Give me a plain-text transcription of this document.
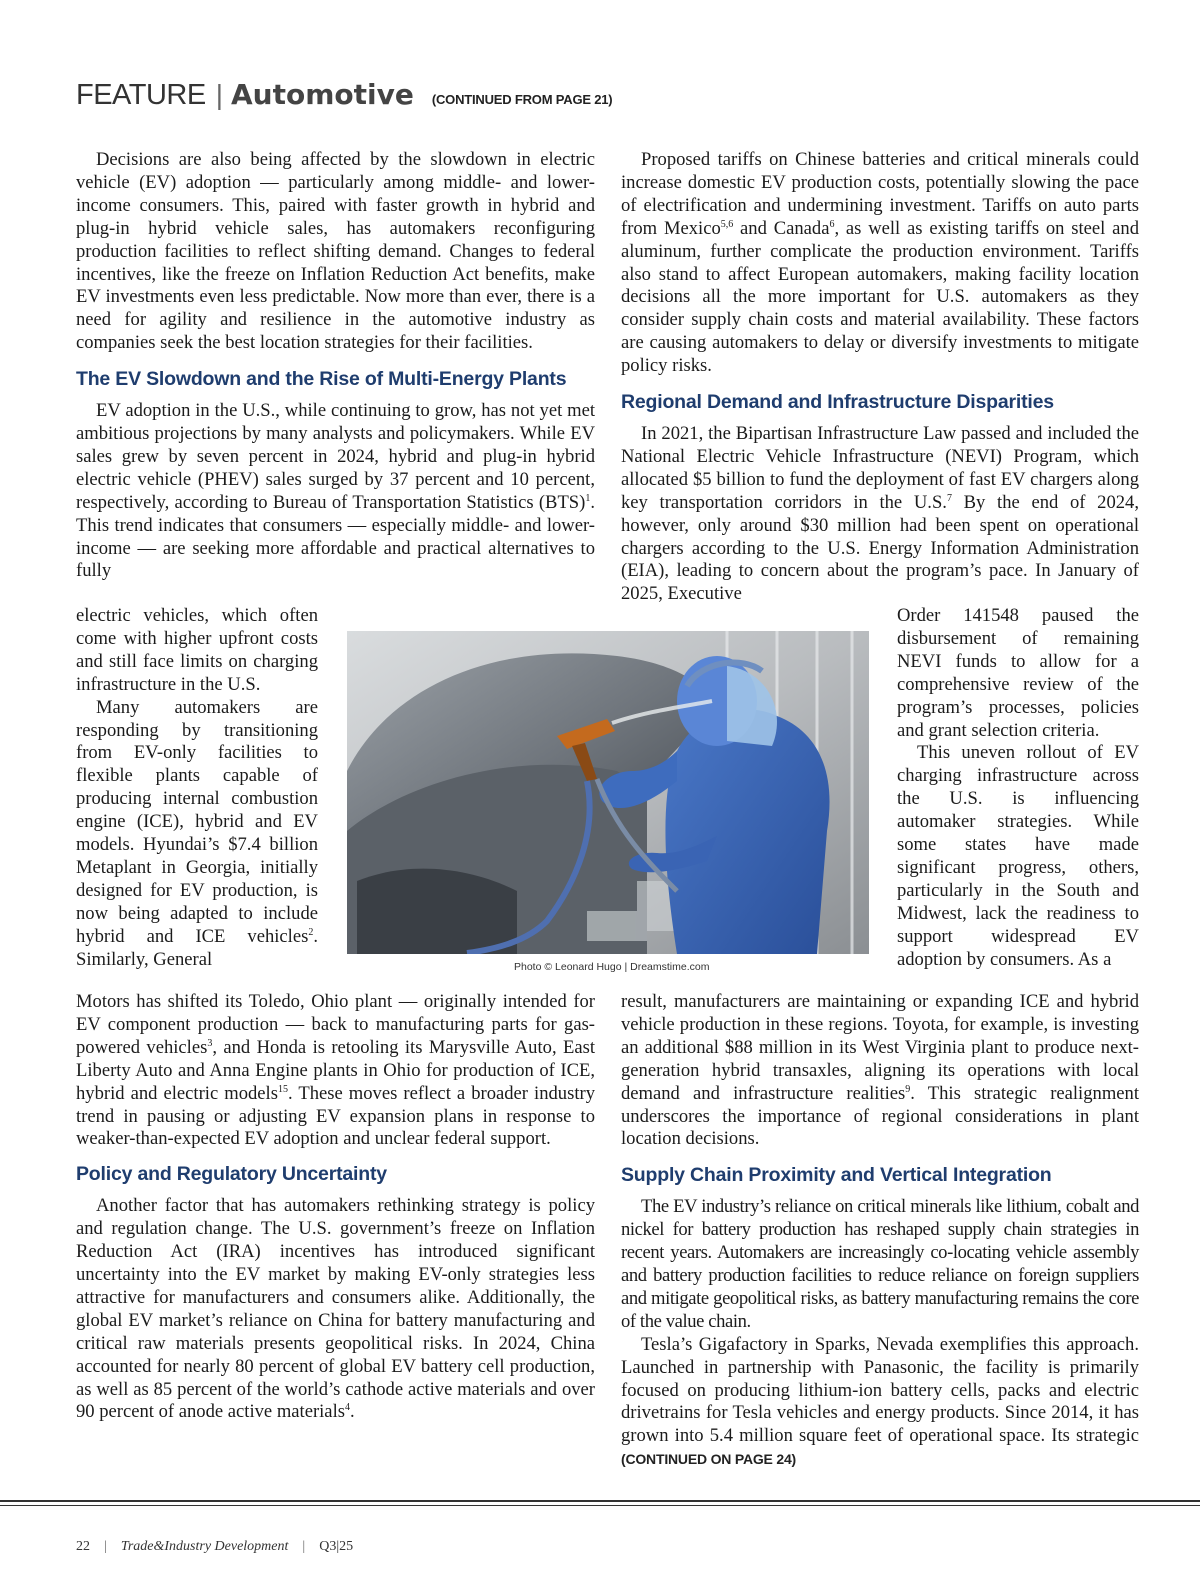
FEATURE | Automotive (CONTINUED FROM PAGE 21)

Decisions are also being affected by the slowdown in electric vehicle (EV) adoption — particularly among middle- and lower-income consumers. This, paired with faster growth in hybrid and plug-in hybrid vehicle sales, has automakers reconfiguring production facilities to reflect shifting demand. Changes to federal incentives, like the freeze on Inflation Reduction Act benefits, make EV investments even less predictable. Now more than ever, there is a need for agility and resilience in the automotive industry as companies seek the best location strategies for their facilities.

The EV Slowdown and the Rise of Multi-Energy Plants

EV adoption in the U.S., while continuing to grow, has not yet met ambitious projections by many analysts and policymakers. While EV sales grew by seven percent in 2024, hybrid and plug-in hybrid electric vehicle (PHEV) sales surged by 37 percent and 10 percent, respectively, according to Bureau of Transportation Statistics (BTS)$^1$. This trend indicates that consumers — especially middle- and lower-income — are seeking more affordable and practical alternatives to fully

electric vehicles, which often come with higher upfront costs and still face limits on charging infrastructure in the U.S.

Many automakers are responding by transitioning from EV-only facilities to flexible plants capable of producing internal combustion engine (ICE), hybrid and EV models. Hyundai’s $7.4 billion Metaplant in Georgia, initially designed for EV production, is now being adapted to include hybrid and ICE vehicles$^2$. Similarly, General

Motors has shifted its Toledo, Ohio plant — originally intended for EV component production — back to manufacturing parts for gas-powered vehicles$^3$, and Honda is retooling its Marysville Auto, East Liberty Auto and Anna Engine plants in Ohio for production of ICE, hybrid and electric models$^{15}$. These moves reflect a broader industry trend in pausing or adjusting EV expansion plans in response to weaker-than-expected EV adoption and unclear federal support.

Policy and Regulatory Uncertainty

Another factor that has automakers rethinking strategy is policy and regulation change. The U.S. government’s freeze on Inflation Reduction Act (IRA) incentives has introduced significant uncertainty into the EV market by making EV-only strategies less attractive for manufacturers and consumers alike. Additionally, the global EV market’s reliance on China for battery manufacturing and critical raw materials presents geopolitical risks. In 2024, China accounted for nearly 80 percent of global EV battery cell production, as well as 85 percent of the world’s cathode active materials and over 90 percent of anode active materials$^4$.

Proposed tariffs on Chinese batteries and critical minerals could increase domestic EV production costs, potentially slowing the pace of electrification and undermining investment. Tariffs on auto parts from Mexico$^{5,6}$ and Canada$^6$, as well as existing tariffs on steel and aluminum, further complicate the production environment. Tariffs also stand to affect European automakers, making facility location decisions all the more important for U.S. automakers as they consider supply chain costs and material availability. These factors are causing automakers to delay or diversify investments to mitigate policy risks.

Regional Demand and Infrastructure Disparities

In 2021, the Bipartisan Infrastructure Law passed and included the National Electric Vehicle Infrastructure (NEVI) Program, which allocated $5 billion to fund the deployment of fast EV chargers along key transportation corridors in the U.S.$^7$ By the end of 2024, however, only around $30 million had been spent on operational chargers according to the U.S. Energy Information Administration (EIA), leading to concern about the program’s pace. In January of 2025, Executive

Order 141548 paused the disbursement of remaining NEVI funds to allow for a comprehensive review of the program’s processes, policies and grant selection criteria.

This uneven rollout of EV charging infrastructure across the U.S. is influencing automaker strategies. While some states have made significant progress, others, particularly in the South and Midwest, lack the readiness to support widespread EV adoption by consumers. As a

result, manufacturers are maintaining or expanding ICE and hybrid vehicle production in these regions. Toyota, for example, is investing an additional $88 million in its West Virginia plant to produce next-generation hybrid transaxles, aligning its operations with local demand and infrastructure realities$^9$. This strategic realignment underscores the importance of regional considerations in plant location decisions.

Supply Chain Proximity and Vertical Integration

The EV industry’s reliance on critical minerals like lithium, cobalt and nickel for battery production has reshaped supply chain strategies in recent years. Automakers are increasingly co-locating vehicle assembly and battery production facilities to reduce reliance on foreign suppliers and mitigate geopolitical risks, as battery manufacturing remains the core of the value chain.

Tesla’s Gigafactory in Sparks, Nevada exemplifies this approach. Launched in partnership with Panasonic, the facility is primarily focused on producing lithium-ion battery cells, packs and electric drivetrains for Tesla vehicles and energy products. Since 2014, it has grown into 5.4 million square feet of operational space. Its strategic (CONTINUED ON PAGE 24)

Photo © Leonard Hugo | Dreamstime.com
22 | Trade&Industry Development | Q3|25
